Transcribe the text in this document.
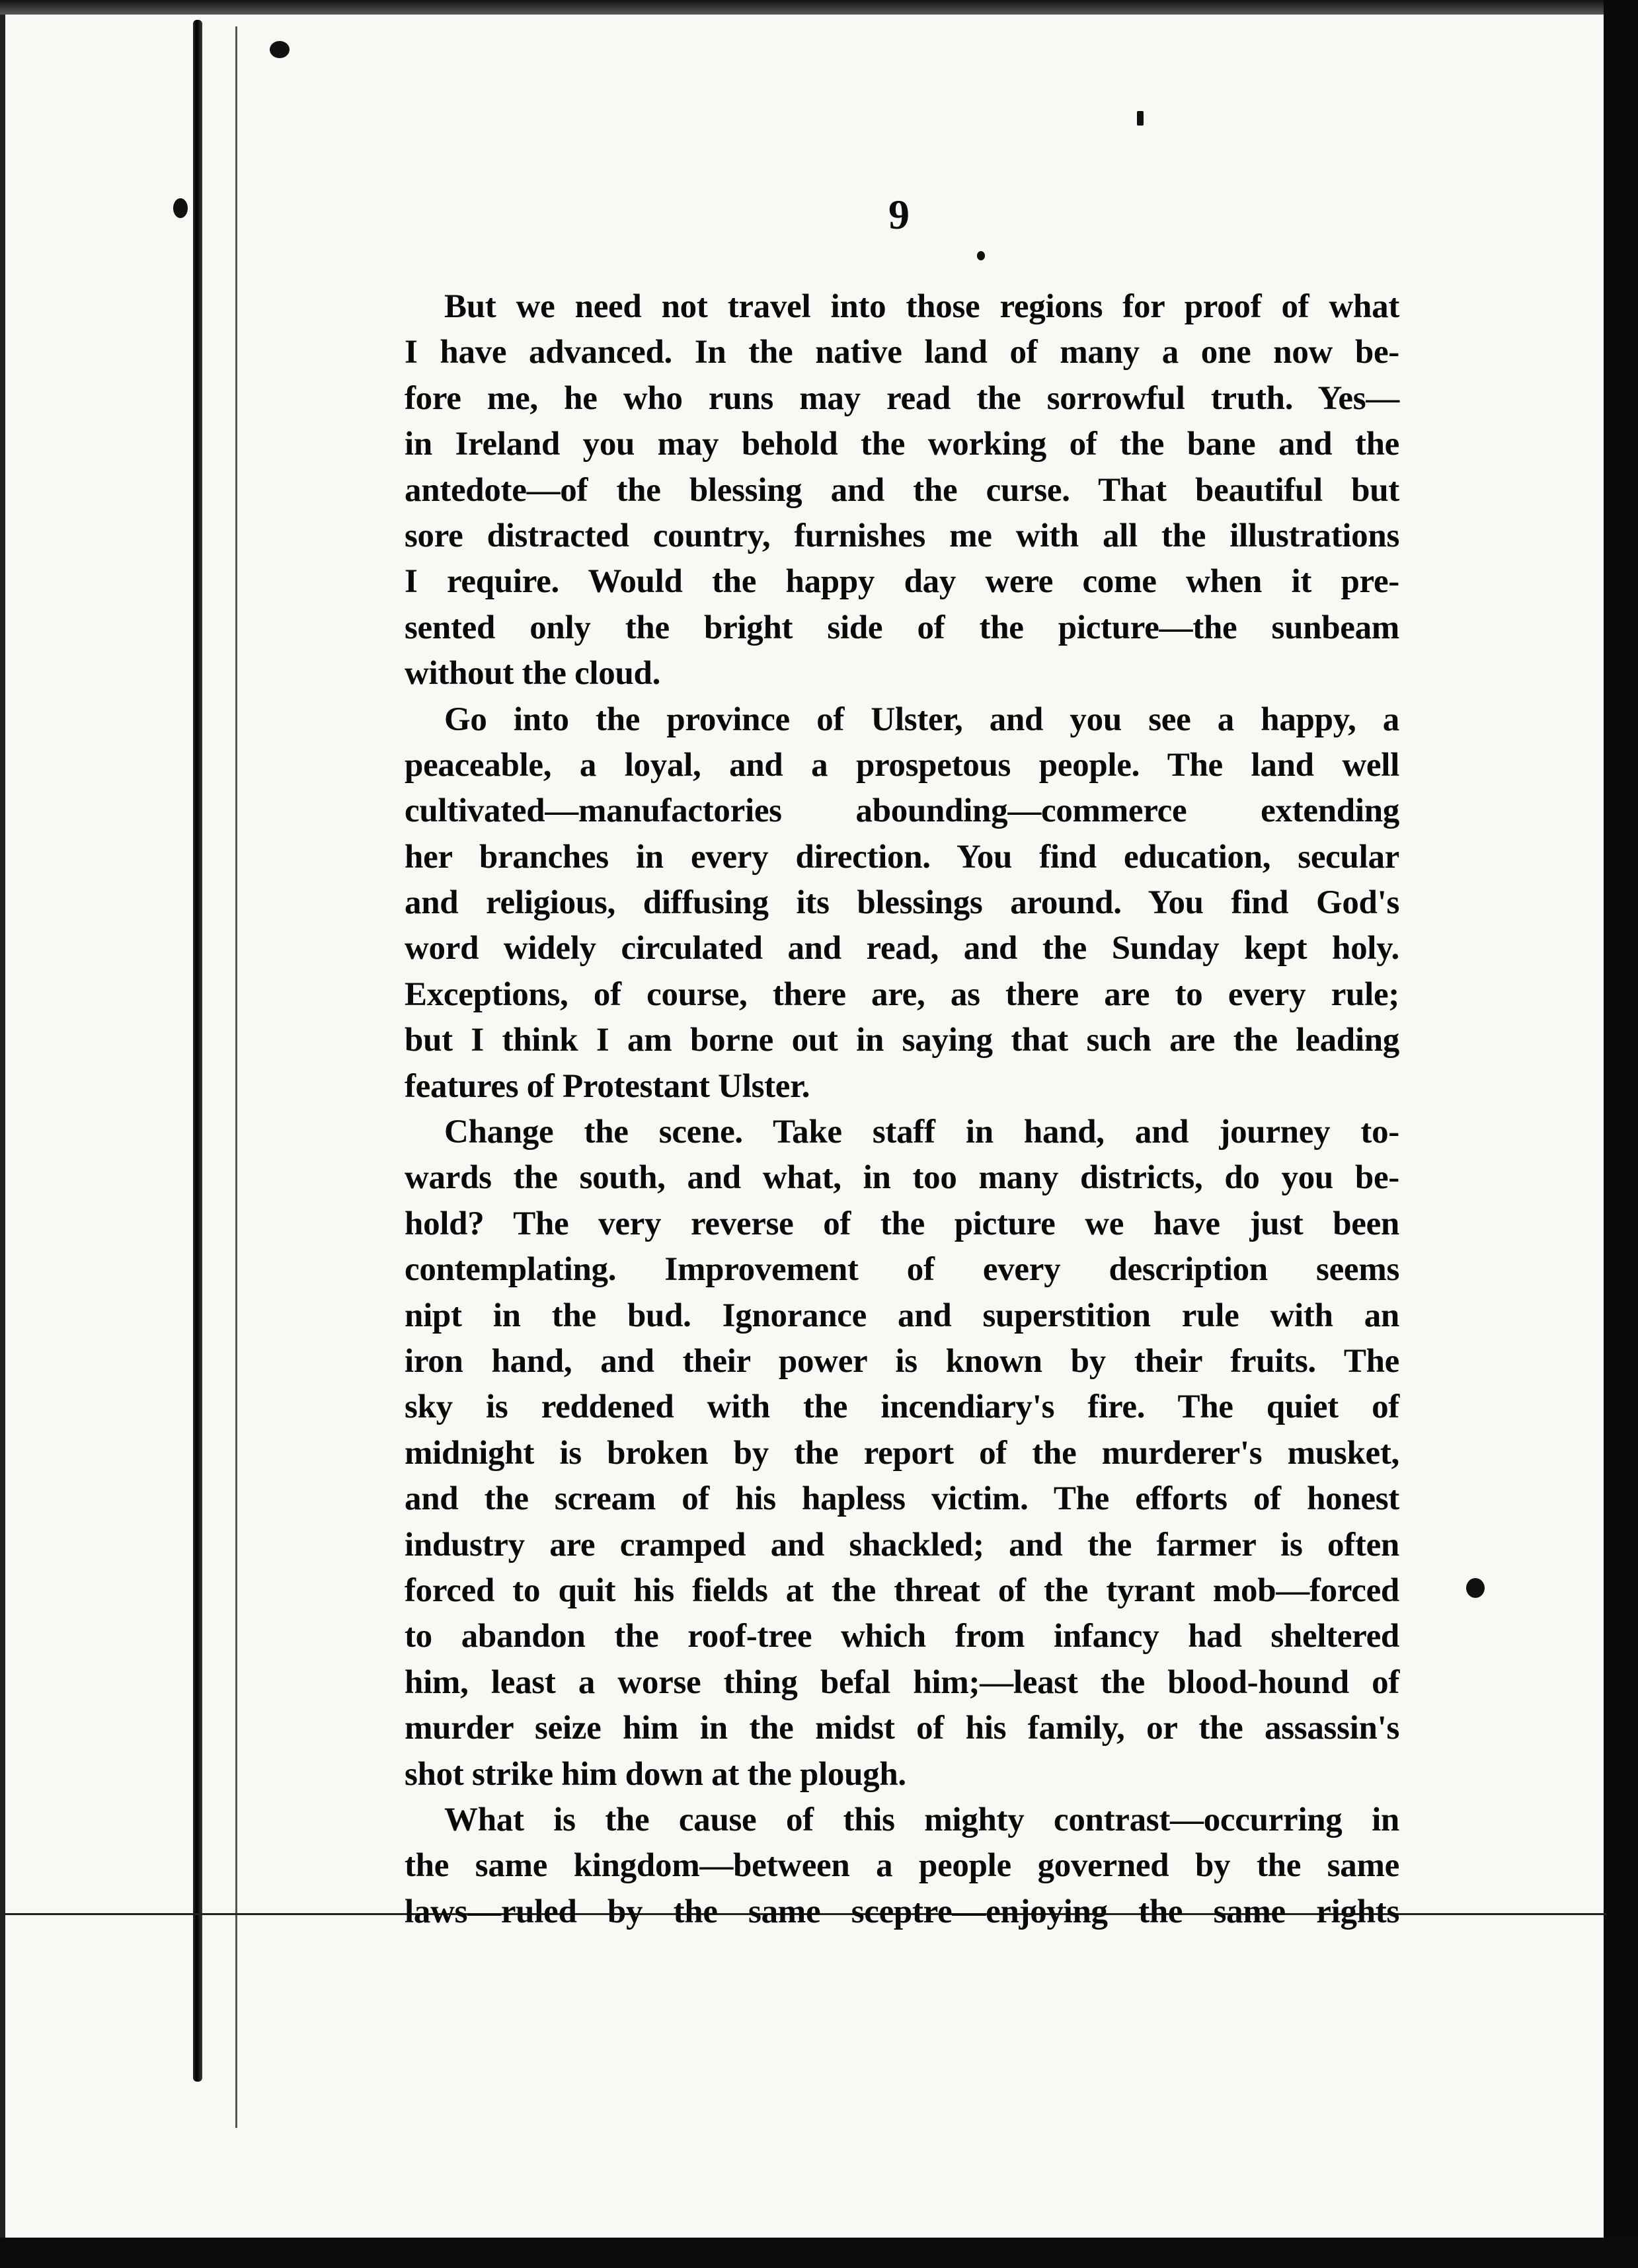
9
But we need not travel into those regions for proof of what
I have advanced. In the native land of many a one now be-
fore me, he who runs may read the sorrowful truth. Yes—
in Ireland you may behold the working of the bane and the
antedote—of the blessing and the curse. That beautiful but
sore distracted country, furnishes me with all the illustrations
I require. Would the happy day were come when it pre-
sented only the bright side of the picture—the sunbeam
without the cloud.
Go into the province of Ulster, and you see a happy, a
peaceable, a loyal, and a prospetous people. The land well
cultivated—manufactories abounding—commerce extending
her branches in every direction. You find education, secular
and religious, diffusing its blessings around. You find God's
word widely circulated and read, and the Sunday kept holy.
Exceptions, of course, there are, as there are to every rule;
but I think I am borne out in saying that such are the leading
features of Protestant Ulster.
Change the scene. Take staff in hand, and journey to-
wards the south, and what, in too many districts, do you be-
hold? The very reverse of the picture we have just been
contemplating. Improvement of every description seems
nipt in the bud. Ignorance and superstition rule with an
iron hand, and their power is known by their fruits. The
sky is reddened with the incendiary's fire. The quiet of
midnight is broken by the report of the murderer's musket,
and the scream of his hapless victim. The efforts of honest
industry are cramped and shackled; and the farmer is often
forced to quit his fields at the threat of the tyrant mob—forced
to abandon the roof-tree which from infancy had sheltered
him, least a worse thing befal him;—least the blood-hound of
murder seize him in the midst of his family, or the assassin's
shot strike him down at the plough.
What is the cause of this mighty contrast—occurring in
the same kingdom—between a people governed by the same
laws—ruled by the same sceptre—enjoying the same rights
